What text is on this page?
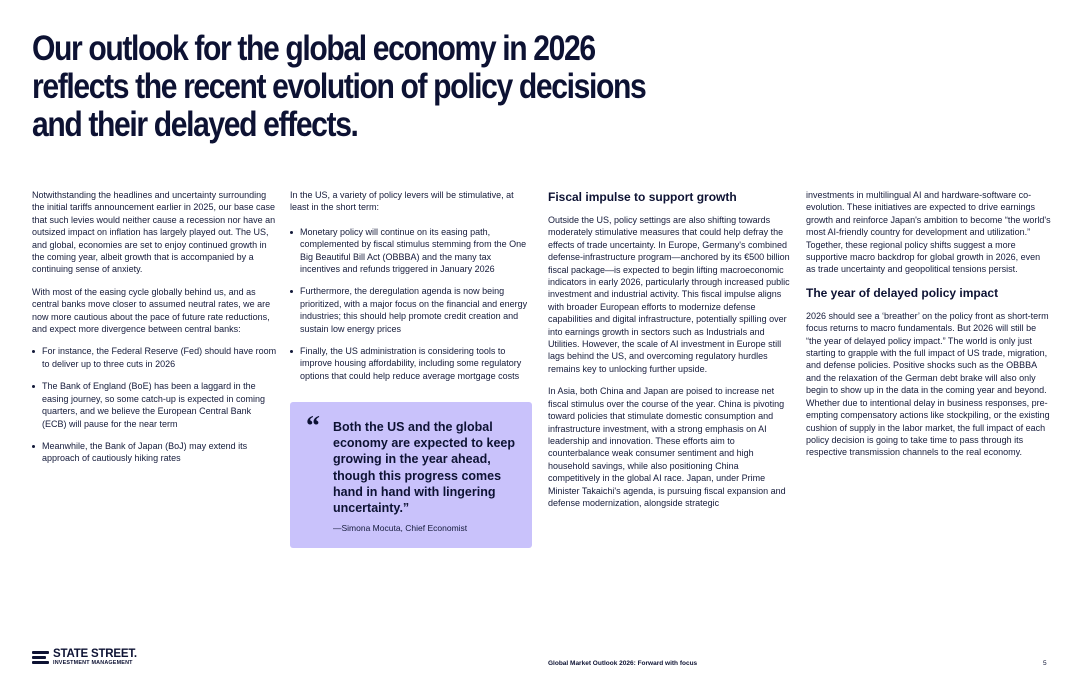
Our outlook for the global economy in 2026
reflects the recent evolution of policy decisions
and their delayed effects.

Notwithstanding the headlines and uncertainty surrounding the initial tariffs announcement earlier in 2025, our base case that such levies would neither cause a recession nor have an outsized impact on inflation has largely played out. The US, and global, economies are set to enjoy continued growth in the coming year, albeit growth that is accompanied by a continuing sense of anxiety.

With most of the easing cycle globally behind us, and as central banks move closer to assumed neutral rates, we are now more cautious about the pace of future rate reductions, and expect more divergence between central banks:

For instance, the Federal Reserve (Fed) should have room to deliver up to three cuts in 2026
The Bank of England (BoE) has been a laggard in the easing journey, so some catch-up is expected in coming quarters, and we believe the European Central Bank (ECB) will pause for the near term
Meanwhile, the Bank of Japan (BoJ) may extend its approach of cautiously hiking rates

In the US, a variety of policy levers will be stimulative, at least in the short term:

Monetary policy will continue on its easing path, complemented by fiscal stimulus stemming from the One Big Beautiful Bill Act (OBBBA) and the many tax incentives and refunds triggered in January 2026
Furthermore, the deregulation agenda is now being prioritized, with a major focus on the financial and energy industries; this should help promote credit creation and sustain low energy prices
Finally, the US administration is considering tools to improve housing affordability, including some regulatory options that could help reduce average mortgage costs
“ Both the US and the global economy are expected to keep growing in the year ahead, though this progress comes hand in hand with lingering uncertainty.”

—Simona Mocuta, Chief Economist
Fiscal impulse to support growth

Outside the US, policy settings are also shifting towards moderately stimulative measures that could help defray the effects of trade uncertainty. In Europe, Germany's combined defense-infrastructure program—anchored by its €500 billion fiscal package—is expected to begin lifting macroeconomic indicators in early 2026, particularly through increased public investment and industrial activity. This fiscal impulse aligns with broader European efforts to modernize defense capabilities and digital infrastructure, potentially spilling over into earnings growth in sectors such as Industrials and Utilities. However, the scale of AI investment in Europe still lags behind the US, and overcoming regulatory hurdles remains key to unlocking further upside.

In Asia, both China and Japan are poised to increase net fiscal stimulus over the course of the year. China is pivoting toward policies that stimulate domestic consumption and infrastructure investment, with a strong emphasis on AI leadership and innovation. These efforts aim to counterbalance weak consumer sentiment and high household savings, while also positioning China competitively in the global AI race. Japan, under Prime Minister Takaichi's agenda, is pursuing fiscal expansion and defense modernization, alongside strategic

investments in multilingual AI and hardware-software co-evolution. These initiatives are expected to drive earnings growth and reinforce Japan's ambition to become “the world's most AI-friendly country for development and utilization.” Together, these regional policy shifts suggest a more supportive macro backdrop for global growth in 2026, even as trade uncertainty and geopolitical tensions persist.

The year of delayed policy impact

2026 should see a ‘breather’ on the policy front as short-term focus returns to macro fundamentals. But 2026 will still be “the year of delayed policy impact.” The world is only just starting to grapple with the full impact of US trade, migration, and defense policies. Positive shocks such as the OBBBA and the relaxation of the German debt brake will also only begin to show up in the data in the coming year and beyond. Whether due to intentional delay in business responses, pre-empting compensatory actions like stockpiling, or the existing cushion of supply in the labor market, the full impact of each policy decision is going to take time to pass through its respective transmission channels to the real economy.

STATE STREET.
INVESTMENT MANAGEMENT	Global Market Outlook 2026: Forward with focus	5
